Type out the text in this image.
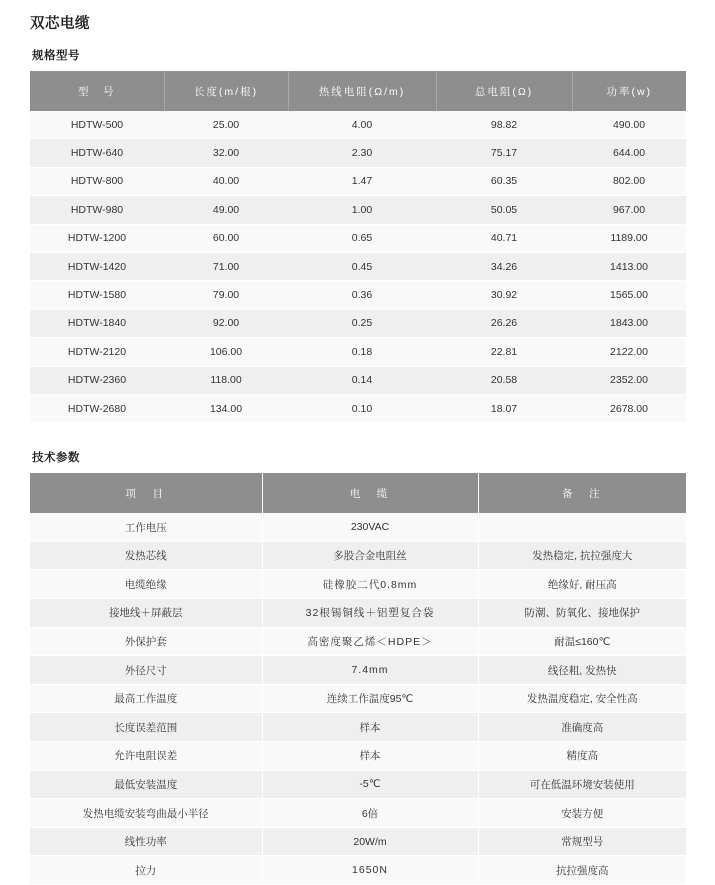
双芯电缆
规格型号
型　号	长度(m/根)	热线电阻(Ω/m)	总电阻(Ω)	功率(w)
HDTW-500	25.00	4.00	98.82	490.00
HDTW-640	32.00	2.30	75.17	644.00
HDTW-800	40.00	1.47	60.35	802.00
HDTW-980	49.00	1.00	50.05	967.00
HDTW-1200	60.00	0.65	40.71	1189.00
HDTW-1420	71.00	0.45	34.26	1413.00
HDTW-1580	79.00	0.36	30.92	1565.00
HDTW-1840	92.00	0.25	26.26	1843.00
HDTW-2120	106.00	0.18	22.81	2122.00
HDTW-2360	118.00	0.14	20.58	2352.00
HDTW-2680	134.00	0.10	18.07	2678.00
技术参数
项　目	电　缆	备　注
工作电压	230VAC	
发热芯线	多股合金电阻丝	发热稳定, 抗拉强度大
电缆绝缘	硅橡胶二代0.8mm	绝缘好, 耐压高
接地线＋屏蔽层	32根锡铜线＋铝塑复合袋	防潮、防氧化、接地保护
外保护套	高密度聚乙烯＜HDPE＞	耐温≤160℃
外径尺寸	7.4mm	线径粗, 发热快
最高工作温度	连续工作温度95℃	发热温度稳定, 安全性高
长度误差范围	样本	准确度高
允许电阻误差	样本	精度高
最低安装温度	-5℃	可在低温环境安装使用
发热电缆安装弯曲最小半径	6倍	安装方便
线性功率	20W/m	常规型号
拉力	1650N	抗拉强度高
